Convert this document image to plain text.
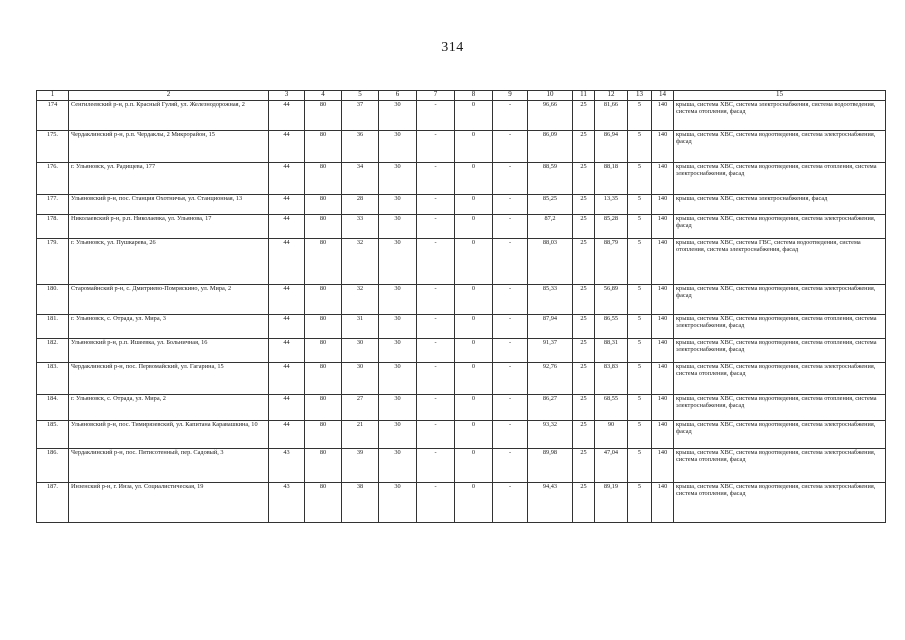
314
1	2	3	4	5	6	7	8	9	10	11	12	13	14	15
174	Сенгилеевский р-н, р.п. Красный Гуляй, ул. Железнодорожная, 2	44	80	37	30	-	0	-	96,66	25	81,66	5	140	крыша, система ХВС, система электроснабжения, система водоотведения, система отопления, фасад
175.	Чердаклинский р-н, р.п. Чердаклы, 2 Микрорайон, 15	44	80	36	30	-	0	-	86,09	25	86,94	5	140	крыша, система ХВС, система водоотведения, система электроснабжения, фасад
176.	г. Ульяновск, ул. Радищева, 177	44	80	34	30	-	0	-	88,59	25	88,18	5	140	крыша, система ХВС, система водоотведения, система отопления, система электроснабжения, фасад
177.	Ульяновский р-н, пос. Станция Охотничья, ул. Станционная, 13	44	80	28	30	-	0	-	85,25	25	13,35	5	140	крыша, система ХВС, система электроснабжения, фасад
178.	Николаевский р-н, р.п. Николаевка, ул. Ульянова, 17	44	80	33	30	-	0	-	87,2	25	85,28	5	140	крыша, система ХВС, система водоотведения, система электроснабжения, фасад
179.	г. Ульяновск, ул. Пушкарева, 26	44	80	32	30	-	0	-	88,03	25	88,79	5	140	крыша, система ХВС, система ГВС, система водоотведения, система отопления, система электроснабжения, фасад
180.	Старомайнский р-н, с. Дмитриево-Помряскино, ул. Мира, 2	44	80	32	30	-	0	-	85,33	25	56,89	5	140	крыша, система ХВС, система водоотведения, система электроснабжения, фасад
181.	г. Ульяновск, с. Отрада, ул. Мира, 3	44	80	31	30	-	0	-	87,94	25	86,55	5	140	крыша, система ХВС, система водоотведения, система отопления, система электроснабжения, фасад
182.	Ульяновский р-н, р.п. Ишеевка, ул. Больничная, 16	44	80	30	30	-	0	-	91,37	25	88,31	5	140	крыша, система ХВС, система водоотведения, система отопления, система электроснабжения, фасад
183.	Чердаклинский р-н, пос. Первомайский, ул. Гагарина, 15	44	80	30	30	-	0	-	92,76	25	83,83	5	140	крыша, система ХВС, система водоотведения, система электроснабжения, система отопления, фасад
184.	г. Ульяновск, с. Отрада, ул. Мира, 2	44	80	27	30	-	0	-	86,27	25	68,55	5	140	крыша, система ХВС, система водоотведения, система отопления, система электроснабжения, фасад
185.	Ульяновский р-н, пос. Тимирязевский, ул. Капитана Каравашкина, 10	44	80	21	30	-	0	-	93,32	25	90	5	140	крыша, система ХВС, система водоотведения, система электроснабжения, фасад
186.	Чердаклинский р-н, пос. Пятисотенный, пер. Садовый, 3	43	80	39	30	-	0	-	89,98	25	47,04	5	140	крыша, система ХВС, система водоотведения, система электроснабжения, система отопления, фасад
187.	Инзенский р-н, г. Инза, ул. Социалистическая, 19	43	80	38	30	-	0	-	94,43	25	89,19	5	140	крыша, система ХВС, система водоотведения, система электроснабжения, система отопления, фасад
